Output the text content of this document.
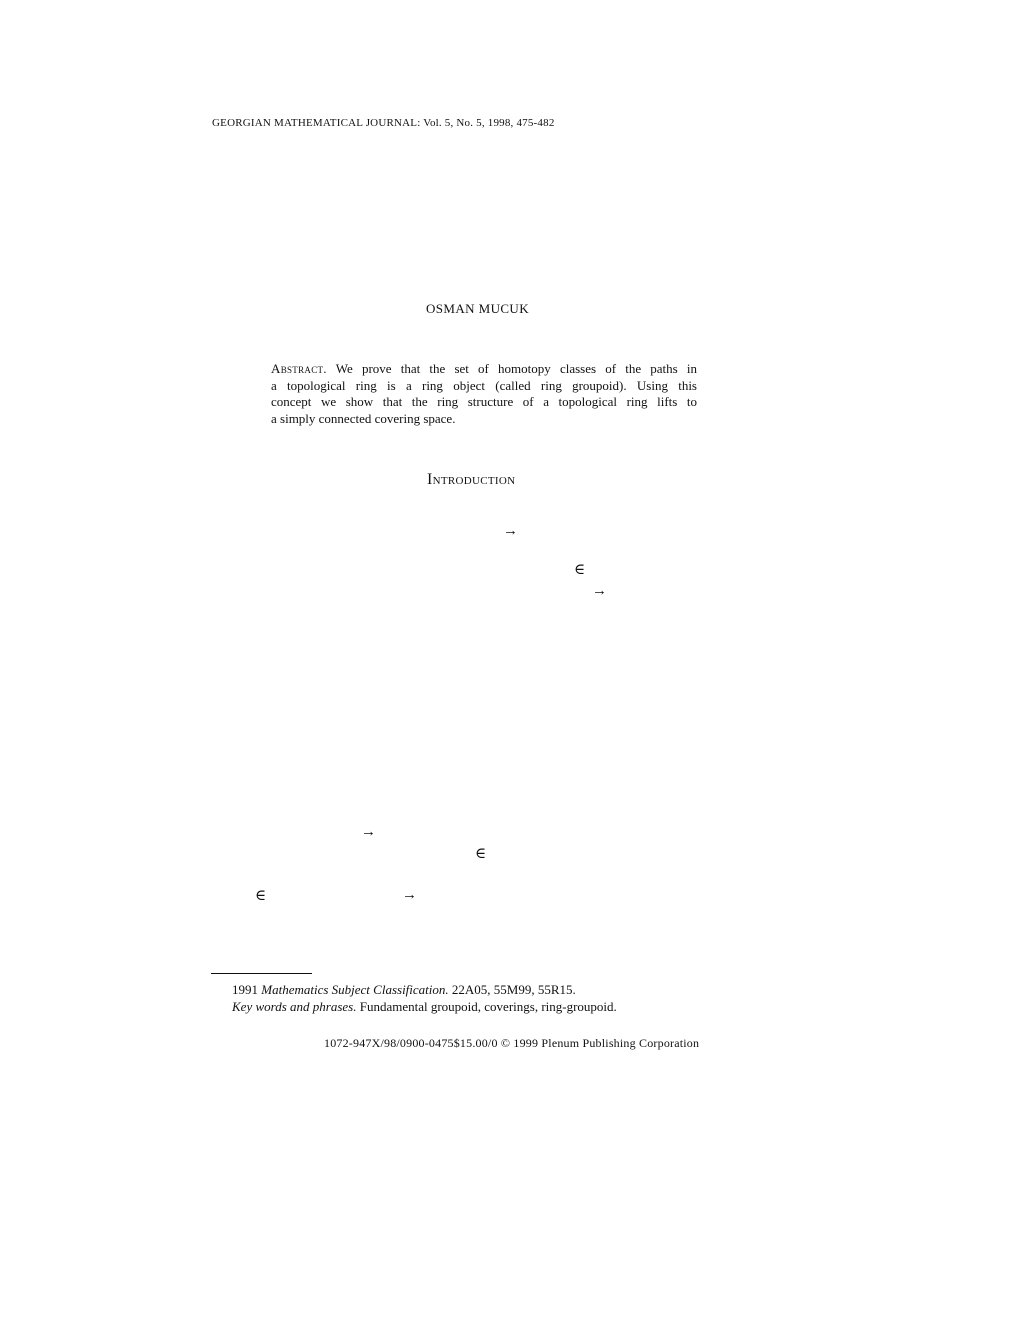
GEORGIAN MATHEMATICAL JOURNAL: Vol. 5, No. 5, 1998, 475-482
OSMAN MUCUK
Abstract. We prove that the set of homotopy classes of the paths in
a topological ring is a ring object (called ring groupoid). Using this
concept we show that the ring structure of a topological ring lifts to
a simply connected covering space.
Introduction
→
∈
→
→
∈
∈	→
1991 Mathematics Subject Classification. 22A05, 55M99, 55R15.
Key words and phrases. Fundamental groupoid, coverings, ring-groupoid.
1072-947X/98/0900-0475$15.00/0 © 1999 Plenum Publishing Corporation
